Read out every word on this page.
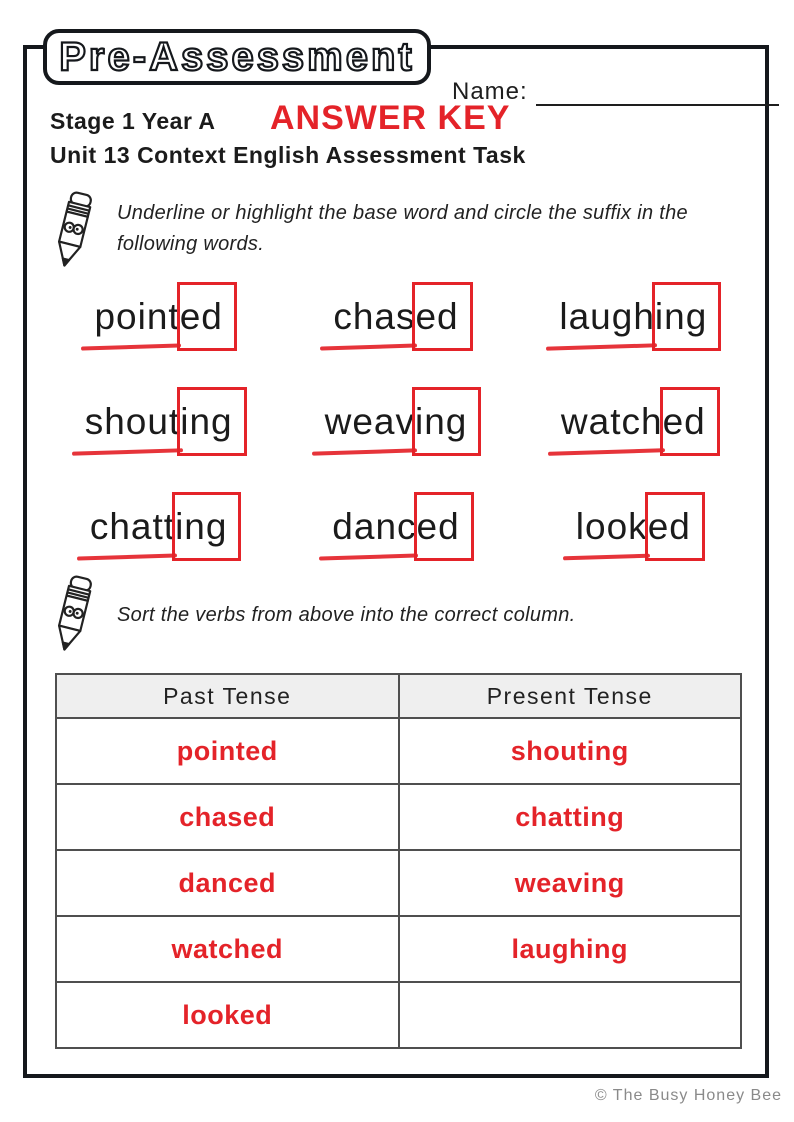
Pre-Assessment
Name:
Stage 1 Year A ANSWER KEY
Unit 13 Context English Assessment Task

Underline or highlight the base word and circle the suffix in the following words.

point
ed	chas
ed	laugh
ing
shout
ing weav
ing	watch
ed
chatt
ing	danc
ed	look
ed

Sort the verbs from above into the correct column.

Past Tense	Present Tense
pointed	shouting
chased	chatting
danced	weaving
watched	laughing
looked	
© The Busy Honey Bee
